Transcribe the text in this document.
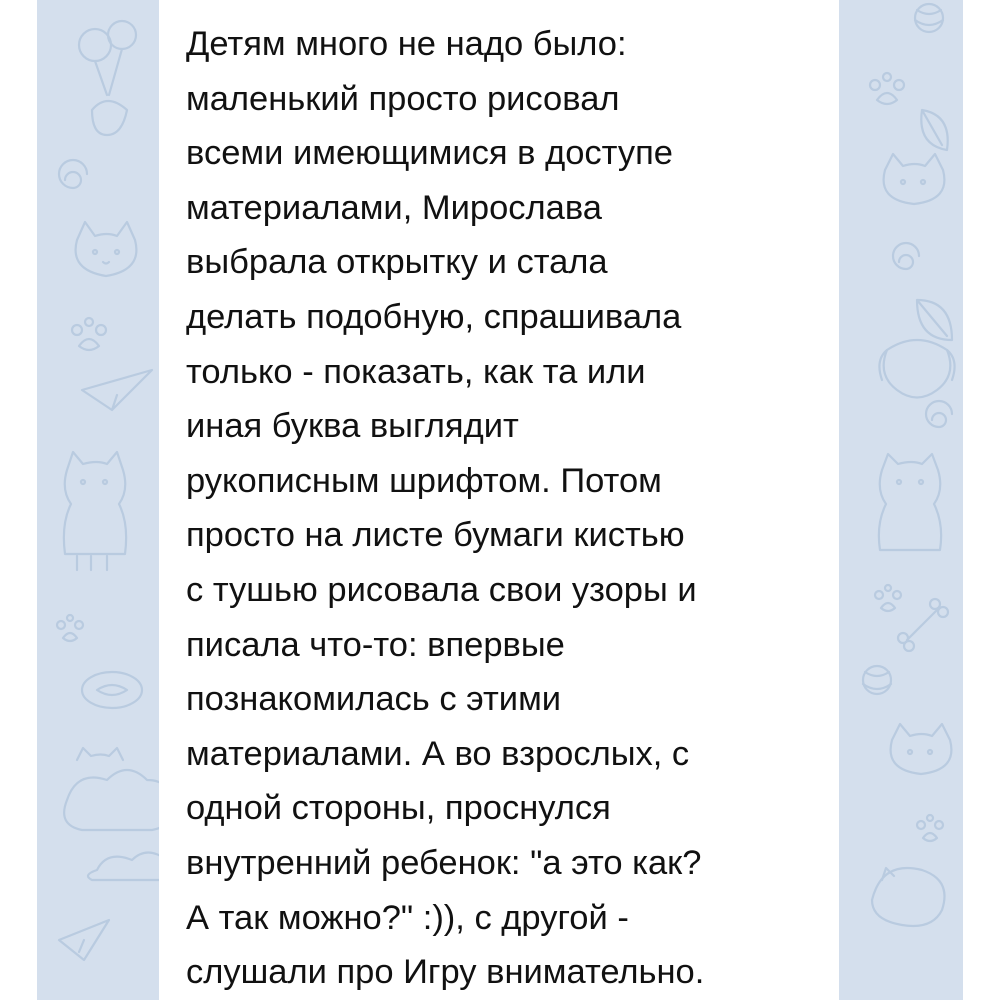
Детям много не надо было:
маленький просто рисовал
всеми имеющимися в доступе
материалами, Мирослава
выбрала открытку и стала
делать подобную, спрашивала
только - показать, как та или
иная буква выглядит
рукописным шрифтом. Потом
просто на листе бумаги кистью
с тушью рисовала свои узоры и
писала что-то: впервые
познакомилась с этими
материалами. А во взрослых, с
одной стороны, проснулся
внутренний ребенок: "а это как?
А так можно?" :)), с другой -
слушали про Игру внимательно.
